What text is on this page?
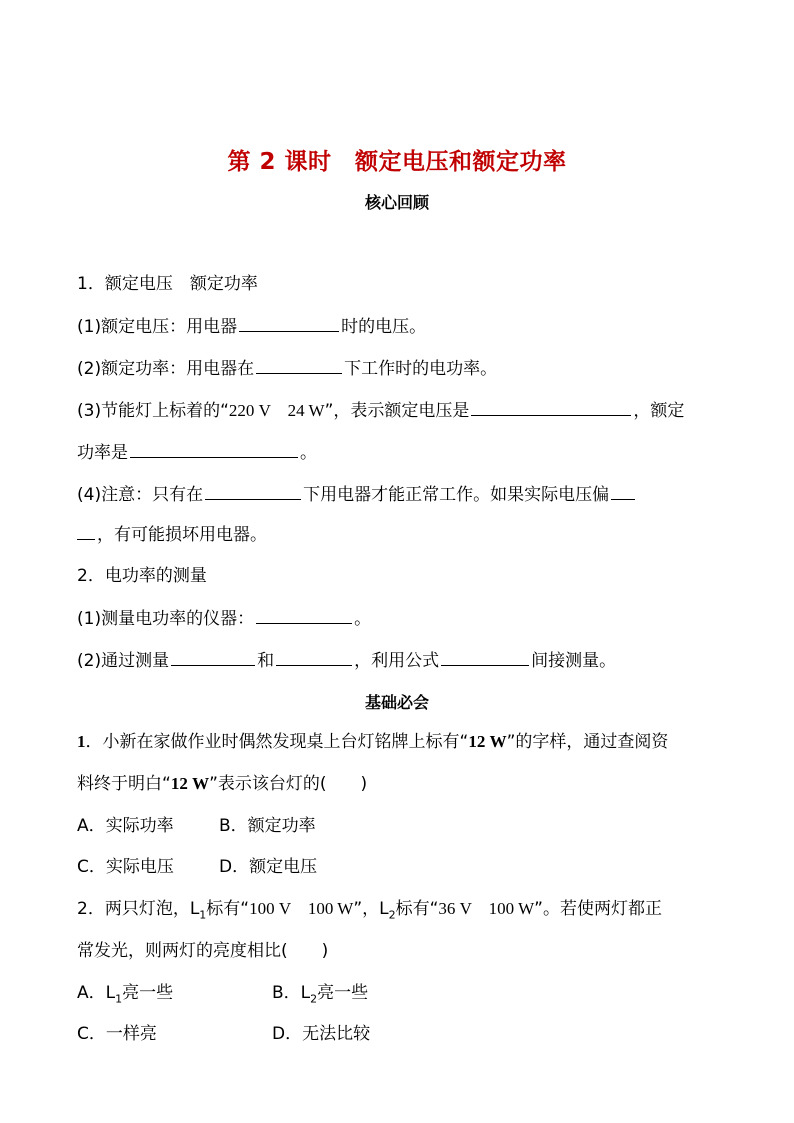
第 2 课时　额定电压和额定功率
核心回顾
1．额定电压　额定功率
(1)额定电压：用电器	时的电压。
(2)额定功率：用电器在	下工作时的电功率。
(3)节能灯上标着的“220 V　24 W”，表示额定电压是	，额定
功率是	。
(4)注意：只有在	下用电器才能正常工作。如果实际电压偏
，有可能损坏用电器。
2．电功率的测量
(1)测量电功率的仪器：	。
(2)通过测量	和	，利用公式	间接测量。
基础必会
1．小新在家做作业时偶然发现桌上台灯铭牌上标有“12 W”的字样，通过查阅资
料终于明白“12 W”表示该台灯的(　　)
A．实际功率	B．额定功率
C．实际电压	D．额定电压
2．两只灯泡，$L_1$标有“100 V　100 W”，$L_2$标有“36 V　100 W”。若使两灯都正
常发光，则两灯的亮度相比(　　)
A．$L_1$亮一些	B．$L_2$亮一些
C．一样亮	D．无法比较
